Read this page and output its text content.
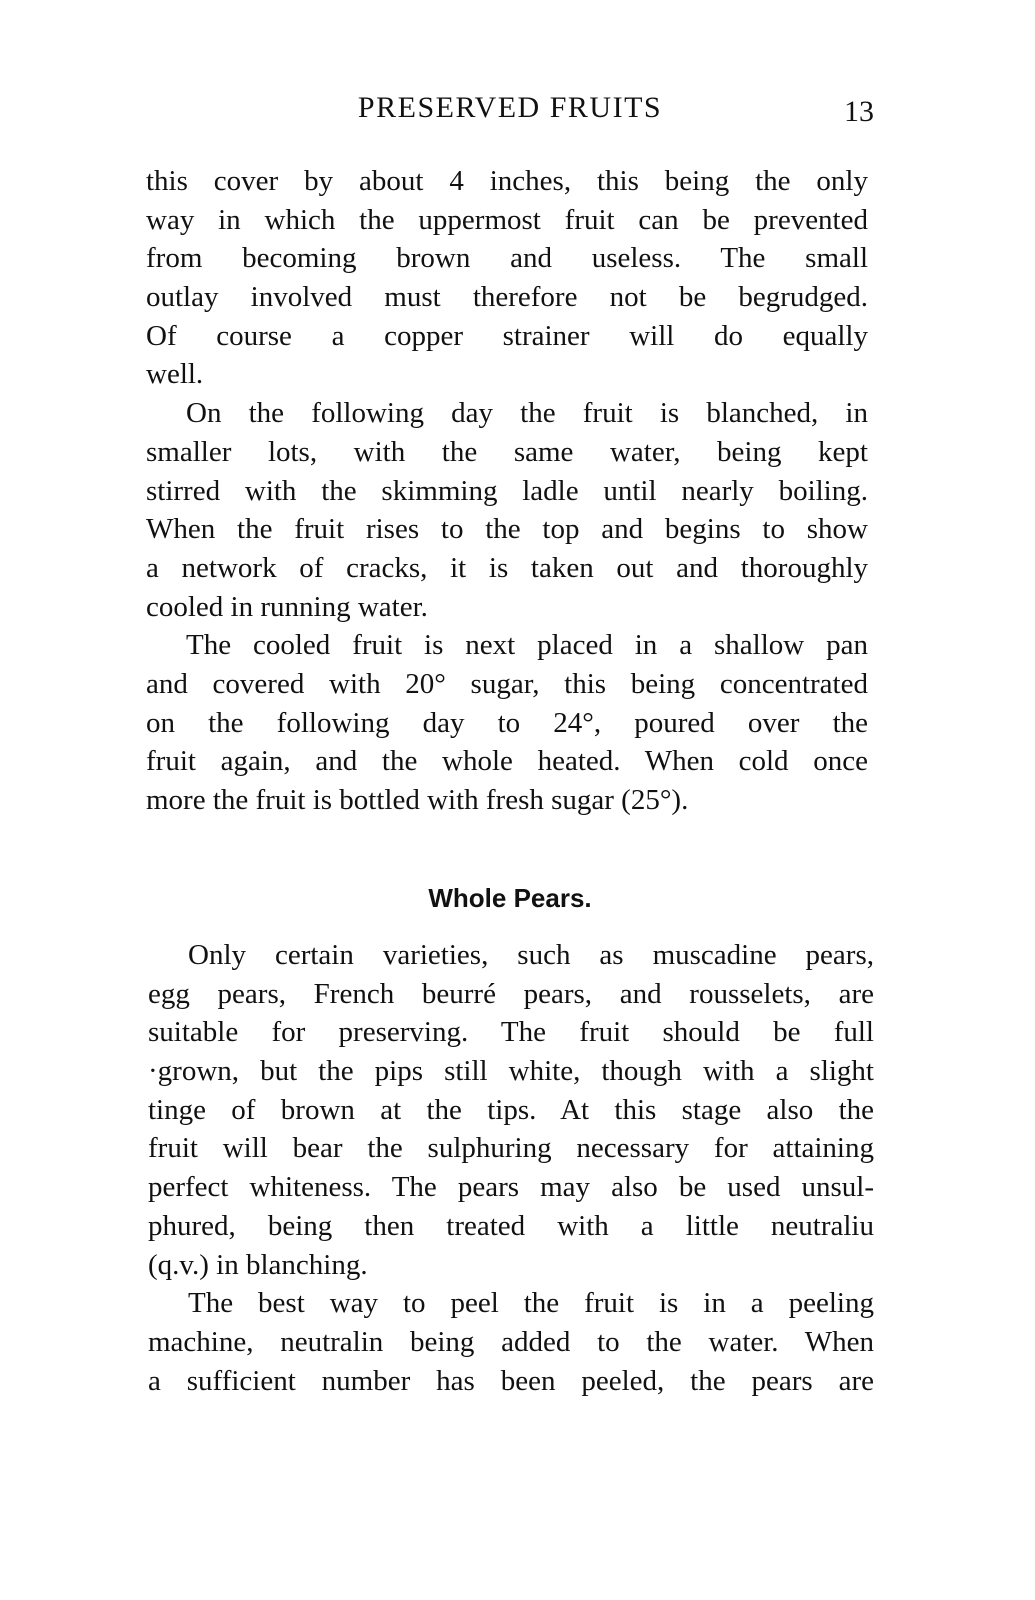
PRESERVED FRUITS	13
this cover by about 4 inches, this being the only
way in which the uppermost fruit can be prevented
from becoming brown and useless. The small
outlay involved must therefore not be begrudged.
Of course a copper strainer will do equally
well.
On the following day the fruit is blanched, in
smaller lots, with the same water, being kept
stirred with the skimming ladle until nearly boiling.
When the fruit rises to the top and begins to show
a network of cracks, it is taken out and thoroughly
cooled in running water.
The cooled fruit is next placed in a shallow pan
and covered with 20° sugar, this being concentrated
on the following day to 24°, poured over the
fruit again, and the whole heated. When cold once
more the fruit is bottled with fresh sugar (25°).
Whole Pears.
Only certain varieties, such as muscadine pears,
egg pears, French beurré pears, and rousselets, are
suitable for preserving. The fruit should be full
·grown, but the pips still white, though with a slight
tinge of brown at the tips. At this stage also the
fruit will bear the sulphuring necessary for attaining
perfect whiteness. The pears may also be used unsul-
phured, being then treated with a little neutraliu
(q.v.) in blanching.
The best way to peel the fruit is in a peeling
machine, neutralin being added to the water. When
a sufficient number has been peeled, the pears are
